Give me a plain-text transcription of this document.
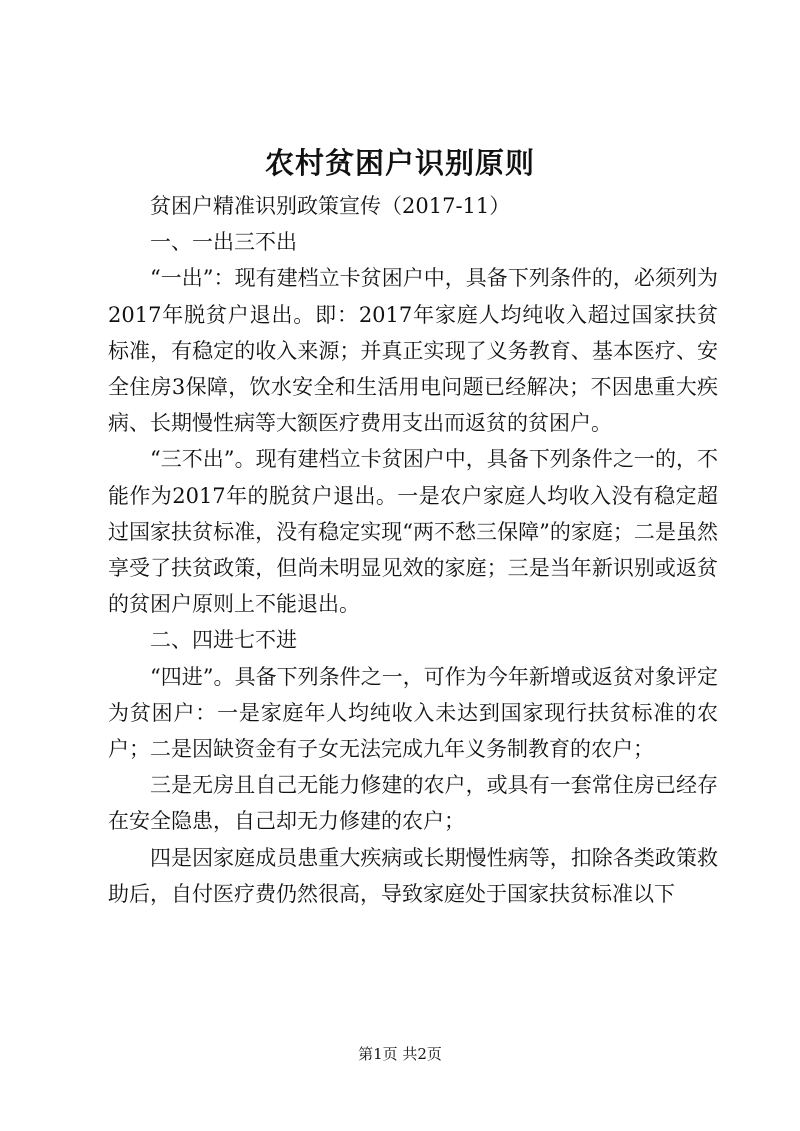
农村贫困户识别原则

贫困户精准识别政策宣传（2017-11）

一、一出三不出

“一出”：现有建档立卡贫困户中，具备下列条件的，必须列为2017年脱贫户退出。即：2017年家庭人均纯收入超过国家扶贫标准，有稳定的收入来源；并真正实现了义务教育、基本医疗、安全住房3保障，饮水安全和生活用电问题已经解决；不因患重大疾病、长期慢性病等大额医疗费用支出而返贫的贫困户。

“三不出”。现有建档立卡贫困户中，具备下列条件之一的，不能作为2017年的脱贫户退出。一是农户家庭人均收入没有稳定超过国家扶贫标准，没有稳定实现“两不愁三保障”的家庭；二是虽然享受了扶贫政策，但尚未明显见效的家庭；三是当年新识别或返贫的贫困户原则上不能退出。

二、四进七不进

“四进”。具备下列条件之一，可作为今年新增或返贫对象评定为贫困户：一是家庭年人均纯收入未达到国家现行扶贫标准的农户；二是因缺资金有子女无法完成九年义务制教育的农户；

三是无房且自己无能力修建的农户，或具有一套常住房已经存在安全隐患，自己却无力修建的农户；

四是因家庭成员患重大疾病或长期慢性病等，扣除各类政策救助后，自付医疗费仍然很高，导致家庭处于国家扶贫标准以下

第1页 共2页
